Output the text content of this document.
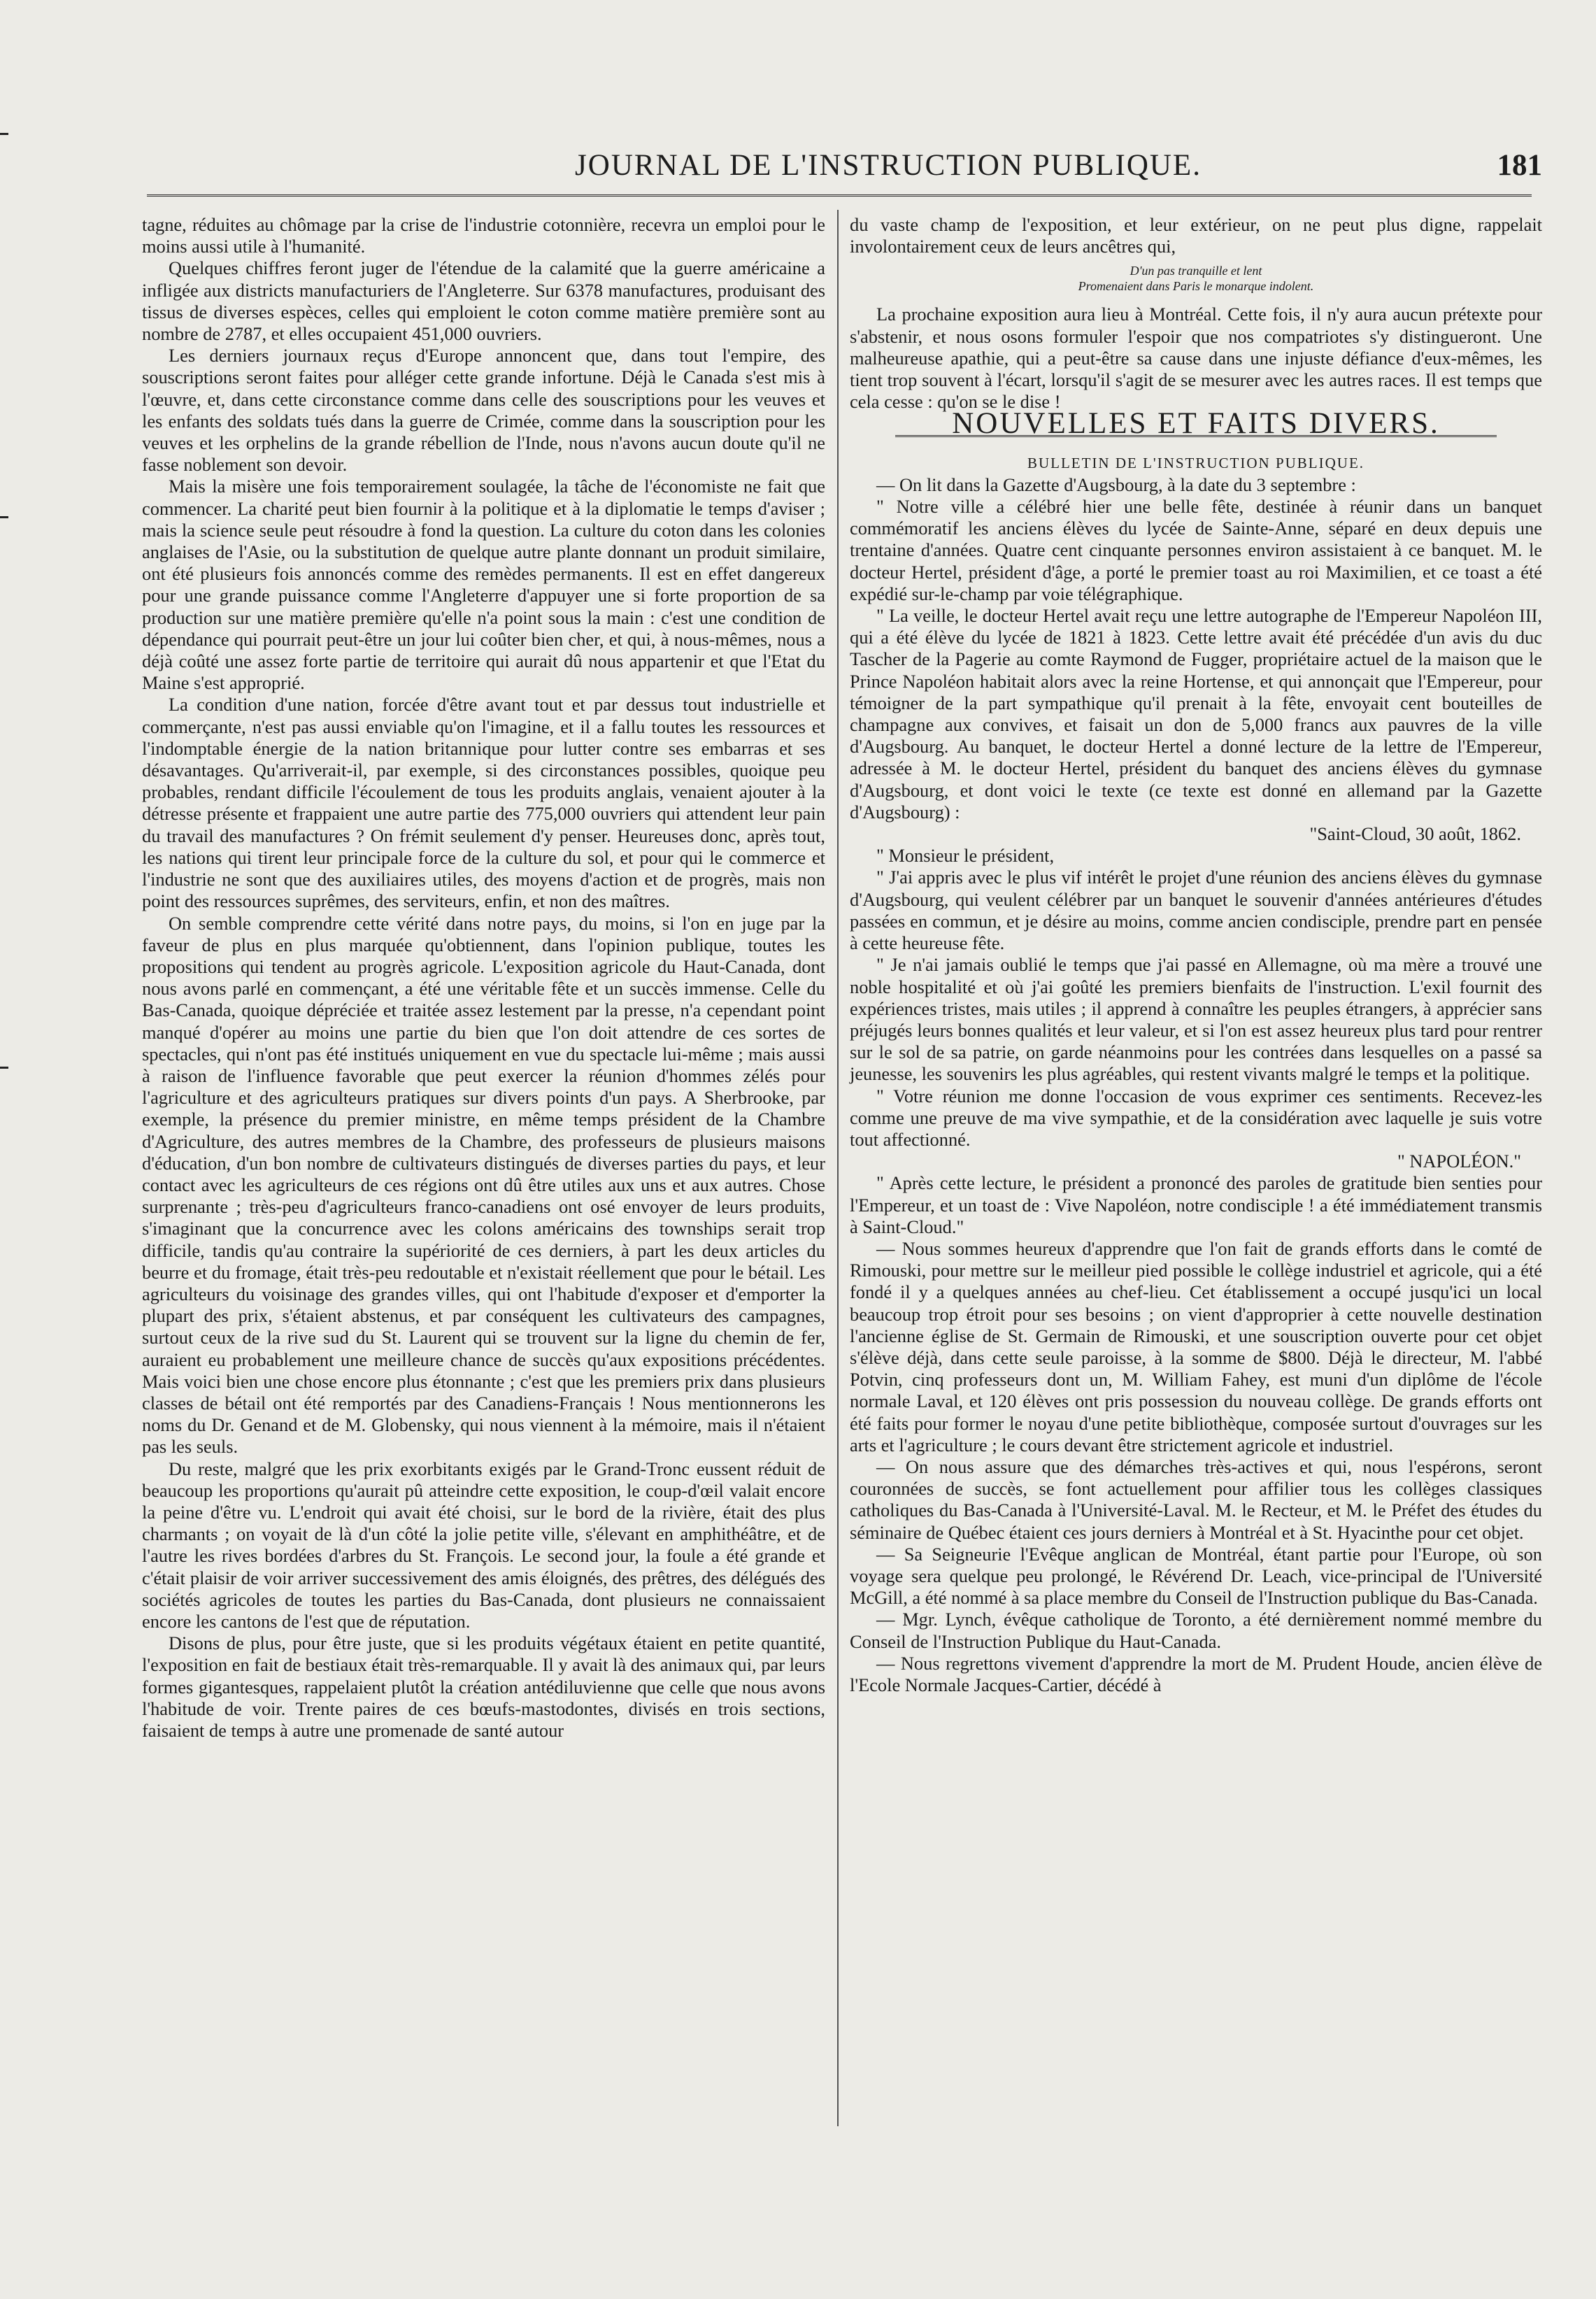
JOURNAL DE L'INSTRUCTION PUBLIQUE.	181

tagne, réduites au chômage par la crise de l'industrie cotonnière, recevra un emploi pour le moins aussi utile à l'humanité.

Quelques chiffres feront juger de l'étendue de la calamité que la guerre américaine a infligée aux districts manufacturiers de l'Angleterre. Sur 6378 manufactures, produisant des tissus de diverses espèces, celles qui emploient le coton comme matière première sont au nombre de 2787, et elles occupaient 451,000 ouvriers.

Les derniers journaux reçus d'Europe annoncent que, dans tout l'empire, des souscriptions seront faites pour alléger cette grande infortune. Déjà le Canada s'est mis à l'œuvre, et, dans cette circonstance comme dans celle des souscriptions pour les veuves et les enfants des soldats tués dans la guerre de Crimée, comme dans la souscription pour les veuves et les orphelins de la grande rébellion de l'Inde, nous n'avons aucun doute qu'il ne fasse noblement son devoir.

Mais la misère une fois temporairement soulagée, la tâche de l'économiste ne fait que commencer. La charité peut bien fournir à la politique et à la diplomatie le temps d'aviser ; mais la science seule peut résoudre à fond la question. La culture du coton dans les colonies anglaises de l'Asie, ou la substitution de quelque autre plante donnant un produit similaire, ont été plusieurs fois annoncés comme des remèdes permanents. Il est en effet dangereux pour une grande puissance comme l'Angleterre d'appuyer une si forte proportion de sa production sur une matière première qu'elle n'a point sous la main : c'est une condition de dépendance qui pourrait peut-être un jour lui coûter bien cher, et qui, à nous-mêmes, nous a déjà coûté une assez forte partie de territoire qui aurait dû nous appartenir et que l'Etat du Maine s'est approprié.

La condition d'une nation, forcée d'être avant tout et par dessus tout industrielle et commerçante, n'est pas aussi enviable qu'on l'imagine, et il a fallu toutes les ressources et l'indomptable énergie de la nation britannique pour lutter contre ses embarras et ses désavantages. Qu'arriverait-il, par exemple, si des circonstances possibles, quoique peu probables, rendant difficile l'écoulement de tous les produits anglais, venaient ajouter à la détresse présente et frappaient une autre partie des 775,000 ouvriers qui attendent leur pain du travail des manufactures ? On frémit seulement d'y penser. Heureuses donc, après tout, les nations qui tirent leur principale force de la culture du sol, et pour qui le commerce et l'industrie ne sont que des auxiliaires utiles, des moyens d'action et de progrès, mais non point des ressources suprêmes, des serviteurs, enfin, et non des maîtres.

On semble comprendre cette vérité dans notre pays, du moins, si l'on en juge par la faveur de plus en plus marquée qu'obtiennent, dans l'opinion publique, toutes les propositions qui tendent au progrès agricole. L'exposition agricole du Haut-Canada, dont nous avons parlé en commençant, a été une véritable fête et un succès immense. Celle du Bas-Canada, quoique dépréciée et traitée assez lestement par la presse, n'a cependant point manqué d'opérer au moins une partie du bien que l'on doit attendre de ces sortes de spectacles, qui n'ont pas été institués uniquement en vue du spectacle lui-même ; mais aussi à raison de l'influence favorable que peut exercer la réunion d'hommes zélés pour l'agriculture et des agriculteurs pratiques sur divers points d'un pays. A Sherbrooke, par exemple, la présence du premier ministre, en même temps président de la Chambre d'Agriculture, des autres membres de la Chambre, des professeurs de plusieurs maisons d'éducation, d'un bon nombre de cultivateurs distingués de diverses parties du pays, et leur contact avec les agriculteurs de ces régions ont dû être utiles aux uns et aux autres. Chose surprenante ; très-peu d'agriculteurs franco-canadiens ont osé envoyer de leurs produits, s'imaginant que la concurrence avec les colons américains des townships serait trop difficile, tandis qu'au contraire la supériorité de ces derniers, à part les deux articles du beurre et du fromage, était très-peu redoutable et n'existait réellement que pour le bétail. Les agriculteurs du voisinage des grandes villes, qui ont l'habitude d'exposer et d'emporter la plupart des prix, s'étaient abstenus, et par conséquent les cultivateurs des campagnes, surtout ceux de la rive sud du St. Laurent qui se trouvent sur la ligne du chemin de fer, auraient eu probablement une meilleure chance de succès qu'aux expositions précédentes. Mais voici bien une chose encore plus étonnante ; c'est que les premiers prix dans plusieurs classes de bétail ont été remportés par des Canadiens-Français ! Nous mentionnerons les noms du Dr. Genand et de M. Globensky, qui nous viennent à la mémoire, mais il n'étaient pas les seuls.

Du reste, malgré que les prix exorbitants exigés par le Grand-Tronc eussent réduit de beaucoup les proportions qu'aurait pû atteindre cette exposition, le coup-d'œil valait encore la peine d'être vu. L'endroit qui avait été choisi, sur le bord de la rivière, était des plus charmants ; on voyait de là d'un côté la jolie petite ville, s'élevant en amphithéâtre, et de l'autre les rives bordées d'arbres du St. François. Le second jour, la foule a été grande et c'était plaisir de voir arriver successivement des amis éloignés, des prêtres, des délégués des sociétés agricoles de toutes les parties du Bas-Canada, dont plusieurs ne connaissaient encore les cantons de l'est que de réputation.

Disons de plus, pour être juste, que si les produits végétaux étaient en petite quantité, l'exposition en fait de bestiaux était très-remarquable. Il y avait là des animaux qui, par leurs formes gigantesques, rappelaient plutôt la création antédiluvienne que celle que nous avons l'habitude de voir. Trente paires de ces bœufs-mastodontes, divisés en trois sections, faisaient de temps à autre une promenade de santé autour

du vaste champ de l'exposition, et leur extérieur, on ne peut plus digne, rappelait involontairement ceux de leurs ancêtres qui,

D'un pas tranquille et lent
Promenaient dans Paris le monarque indolent.

La prochaine exposition aura lieu à Montréal. Cette fois, il n'y aura aucun prétexte pour s'abstenir, et nous osons formuler l'espoir que nos compatriotes s'y distingueront. Une malheureuse apathie, qui a peut-être sa cause dans une injuste défiance d'eux-mêmes, les tient trop souvent à l'écart, lorsqu'il s'agit de se mesurer avec les autres races. Il est temps que cela cesse : qu'on se le dise !

NOUVELLES ET FAITS DIVERS.

BULLETIN DE L'INSTRUCTION PUBLIQUE.

— On lit dans la Gazette d'Augsbourg, à la date du 3 septembre :

" Notre ville a célébré hier une belle fête, destinée à réunir dans un banquet commémoratif les anciens élèves du lycée de Sainte-Anne, séparé en deux depuis une trentaine d'années. Quatre cent cinquante personnes environ assistaient à ce banquet. M. le docteur Hertel, président d'âge, a porté le premier toast au roi Maximilien, et ce toast a été expédié sur-le-champ par voie télégraphique.

" La veille, le docteur Hertel avait reçu une lettre autographe de l'Empereur Napoléon III, qui a été élève du lycée de 1821 à 1823. Cette lettre avait été précédée d'un avis du duc Tascher de la Pagerie au comte Raymond de Fugger, propriétaire actuel de la maison que le Prince Napoléon habitait alors avec la reine Hortense, et qui annonçait que l'Empereur, pour témoigner de la part sympathique qu'il prenait à la fête, envoyait cent bouteilles de champagne aux convives, et faisait un don de 5,000 francs aux pauvres de la ville d'Augsbourg. Au banquet, le docteur Hertel a donné lecture de la lettre de l'Empereur, adressée à M. le docteur Hertel, président du banquet des anciens élèves du gymnase d'Augsbourg, et dont voici le texte (ce texte est donné en allemand par la Gazette d'Augsbourg) :

"Saint-Cloud, 30 août, 1862.

" Monsieur le président,

" J'ai appris avec le plus vif intérêt le projet d'une réunion des anciens élèves du gymnase d'Augsbourg, qui veulent célébrer par un banquet le souvenir d'années antérieures d'études passées en commun, et je désire au moins, comme ancien condisciple, prendre part en pensée à cette heureuse fête.

" Je n'ai jamais oublié le temps que j'ai passé en Allemagne, où ma mère a trouvé une noble hospitalité et où j'ai goûté les premiers bienfaits de l'instruction. L'exil fournit des expériences tristes, mais utiles ; il apprend à connaître les peuples étrangers, à apprécier sans préjugés leurs bonnes qualités et leur valeur, et si l'on est assez heureux plus tard pour rentrer sur le sol de sa patrie, on garde néanmoins pour les contrées dans lesquelles on a passé sa jeunesse, les souvenirs les plus agréables, qui restent vivants malgré le temps et la politique.

" Votre réunion me donne l'occasion de vous exprimer ces sentiments. Recevez-les comme une preuve de ma vive sympathie, et de la considération avec laquelle je suis votre tout affectionné.

" NAPOLÉON."

" Après cette lecture, le président a prononcé des paroles de gratitude bien senties pour l'Empereur, et un toast de : Vive Napoléon, notre condisciple ! a été immédiatement transmis à Saint-Cloud."

— Nous sommes heureux d'apprendre que l'on fait de grands efforts dans le comté de Rimouski, pour mettre sur le meilleur pied possible le collège industriel et agricole, qui a été fondé il y a quelques années au chef-lieu. Cet établissement a occupé jusqu'ici un local beaucoup trop étroit pour ses besoins ; on vient d'approprier à cette nouvelle destination l'ancienne église de St. Germain de Rimouski, et une souscription ouverte pour cet objet s'élève déjà, dans cette seule paroisse, à la somme de $800. Déjà le directeur, M. l'abbé Potvin, cinq professeurs dont un, M. William Fahey, est muni d'un diplôme de l'école normale Laval, et 120 élèves ont pris possession du nouveau collège. De grands efforts ont été faits pour former le noyau d'une petite bibliothèque, composée surtout d'ouvrages sur les arts et l'agriculture ; le cours devant être strictement agricole et industriel.

— On nous assure que des démarches très-actives et qui, nous l'espérons, seront couronnées de succès, se font actuellement pour affilier tous les collèges classiques catholiques du Bas-Canada à l'Université-Laval. M. le Recteur, et M. le Préfet des études du séminaire de Québec étaient ces jours derniers à Montréal et à St. Hyacinthe pour cet objet.

— Sa Seigneurie l'Evêque anglican de Montréal, étant partie pour l'Europe, où son voyage sera quelque peu prolongé, le Révérend Dr. Leach, vice-principal de l'Université McGill, a été nommé à sa place membre du Conseil de l'Instruction publique du Bas-Canada.

— Mgr. Lynch, évêque catholique de Toronto, a été dernièrement nommé membre du Conseil de l'Instruction Publique du Haut-Canada.

— Nous regrettons vivement d'apprendre la mort de M. Prudent Houde, ancien élève de l'Ecole Normale Jacques-Cartier, décédé à
